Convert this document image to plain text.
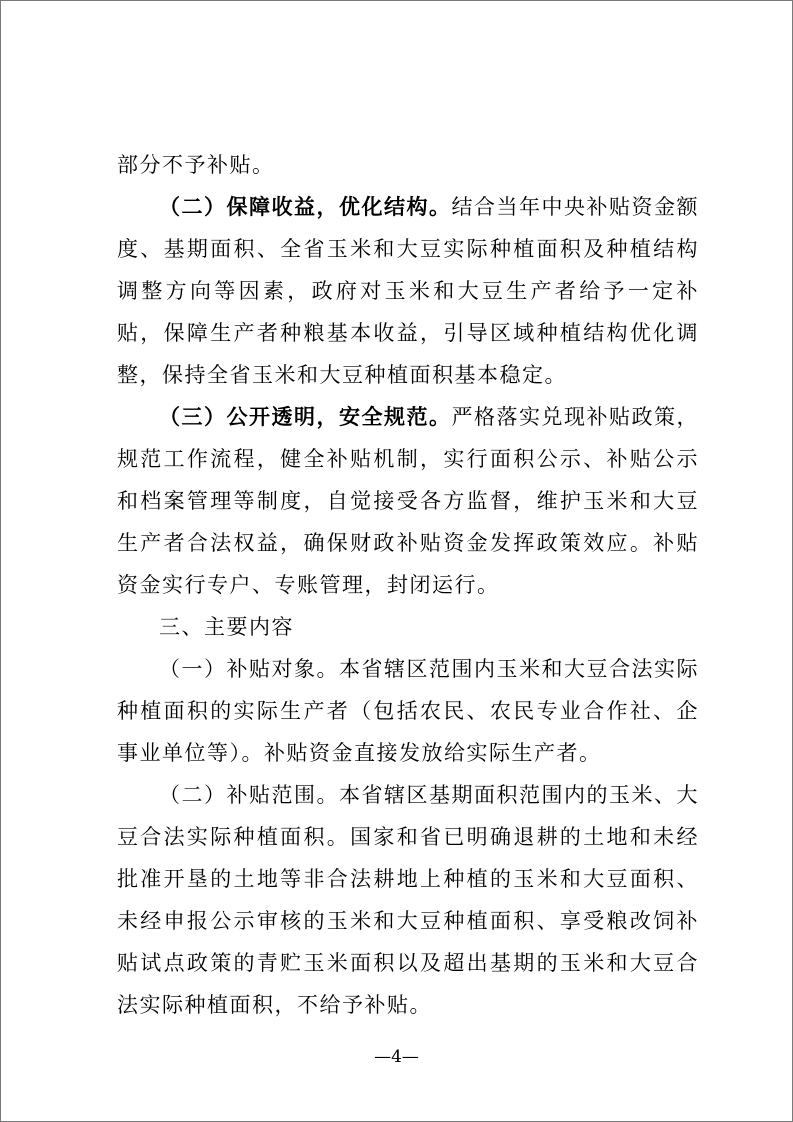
部分不予补贴。

（二）保障收益，优化结构。结合当年中央补贴资金额度、基期面积、全省玉米和大豆实际种植面积及种植结构调整方向等因素，政府对玉米和大豆生产者给予一定补贴，保障生产者种粮基本收益，引导区域种植结构优化调整，保持全省玉米和大豆种植面积基本稳定。

（三）公开透明，安全规范。严格落实兑现补贴政策，规范工作流程，健全补贴机制，实行面积公示、补贴公示和档案管理等制度，自觉接受各方监督，维护玉米和大豆生产者合法权益，确保财政补贴资金发挥政策效应。补贴资金实行专户、专账管理，封闭运行。

三、主要内容

（一）补贴对象。本省辖区范围内玉米和大豆合法实际种植面积的实际生产者（包括农民、农民专业合作社、企事业单位等）。补贴资金直接发放给实际生产者。

（二）补贴范围。本省辖区基期面积范围内的玉米、大豆合法实际种植面积。国家和省已明确退耕的土地和未经批准开垦的土地等非合法耕地上种植的玉米和大豆面积、未经申报公示审核的玉米和大豆种植面积、享受粮改饲补贴试点政策的青贮玉米面积以及超出基期的玉米和大豆合法实际种植面积，不给予补贴。

—4—
